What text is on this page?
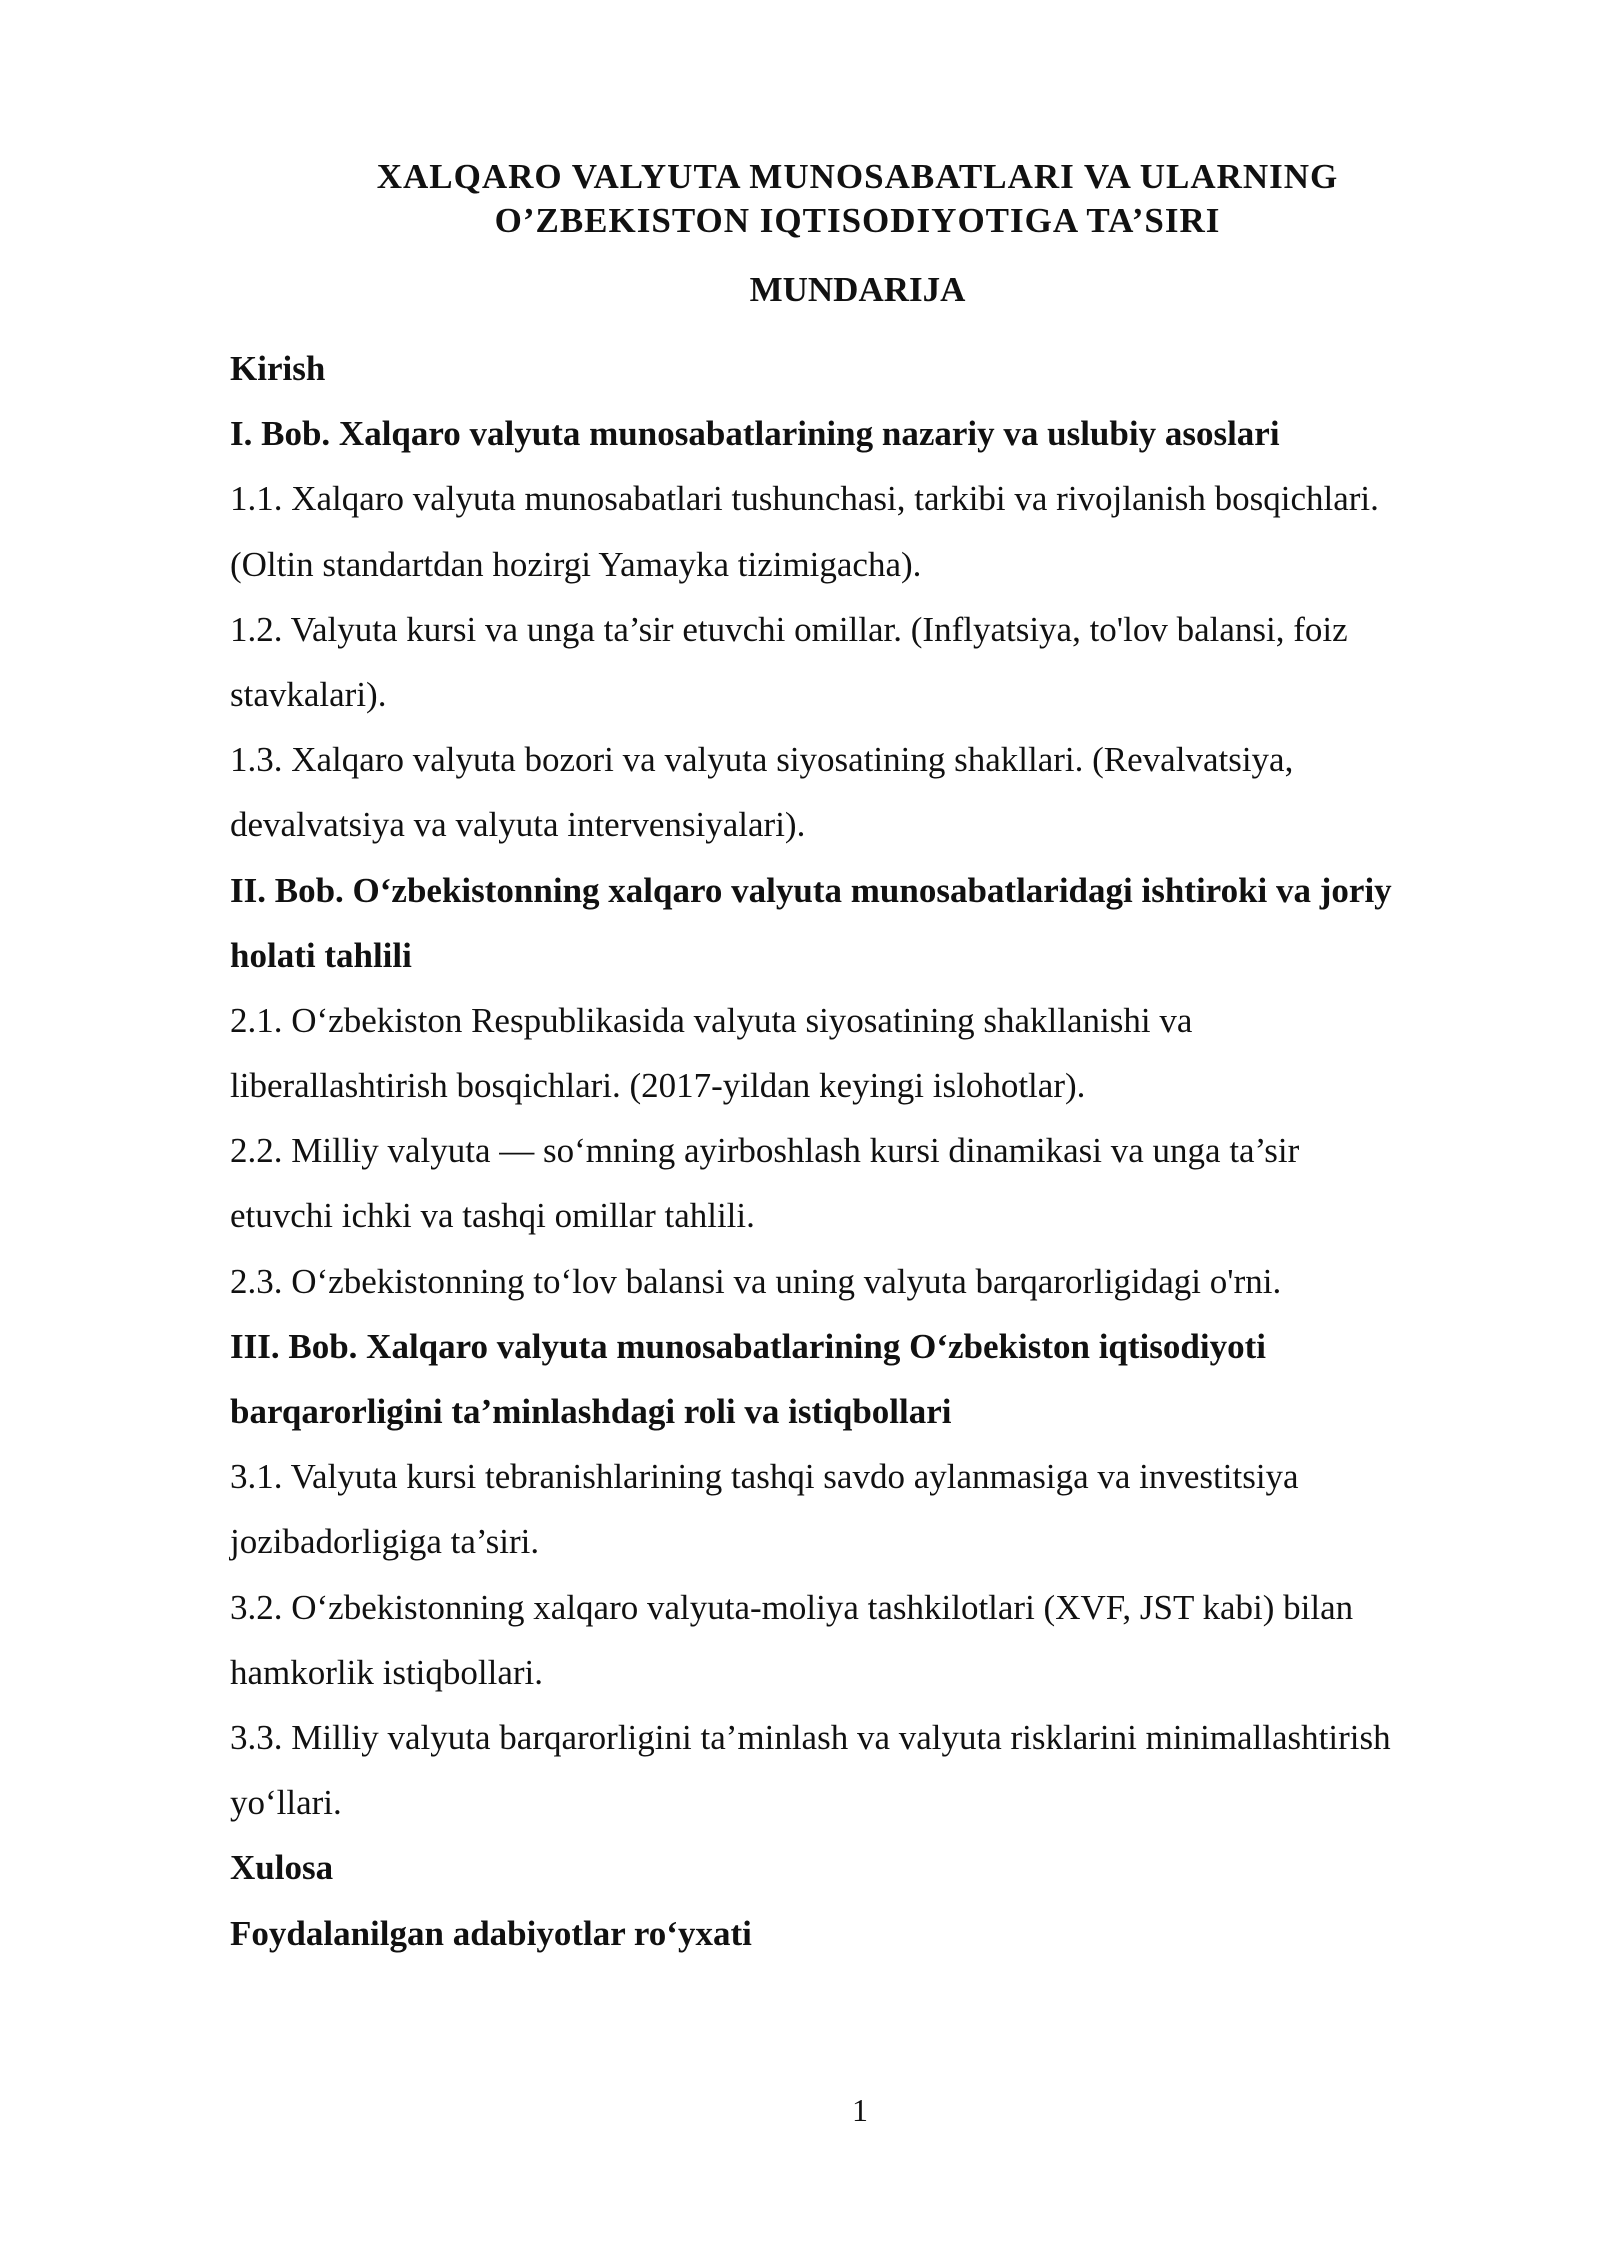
XALQARO VALYUTA MUNOSABATLARI VA ULARNING
O’ZBEKISTON IQTISODIYOTIGA TA’SIRI
MUNDARIJA
Kirish
I. Bob. Xalqaro valyuta munosabatlarining nazariy va uslubiy asoslari
1.1. Xalqaro valyuta munosabatlari tushunchasi, tarkibi va rivojlanish bosqichlari.
(Oltin standartdan hozirgi Yamayka tizimigacha).
1.2. Valyuta kursi va unga ta’sir etuvchi omillar. (Inflyatsiya, to'lov balansi, foiz
stavkalari).
1.3. Xalqaro valyuta bozori va valyuta siyosatining shakllari. (Revalvatsiya,
devalvatsiya va valyuta intervensiyalari).
II. Bob. O‘zbekistonning xalqaro valyuta munosabatlaridagi ishtiroki va joriy
holati tahlili
2.1. O‘zbekiston Respublikasida valyuta siyosatining shakllanishi va
liberallashtirish bosqichlari. (2017-yildan keyingi islohotlar).
2.2. Milliy valyuta — so‘mning ayirboshlash kursi dinamikasi va unga ta’sir
etuvchi ichki va tashqi omillar tahlili.
2.3. O‘zbekistonning to‘lov balansi va uning valyuta barqarorligidagi o'rni.
III. Bob. Xalqaro valyuta munosabatlarining O‘zbekiston iqtisodiyoti
barqarorligini ta’minlashdagi roli va istiqbollari
3.1. Valyuta kursi tebranishlarining tashqi savdo aylanmasiga va investitsiya
jozibadorligiga ta’siri.
3.2. O‘zbekistonning xalqaro valyuta-moliya tashkilotlari (XVF, JST kabi) bilan
hamkorlik istiqbollari.
3.3. Milliy valyuta barqarorligini ta’minlash va valyuta risklarini minimallashtirish
yo‘llari.
Xulosa
Foydalanilgan adabiyotlar ro‘yxati
1
